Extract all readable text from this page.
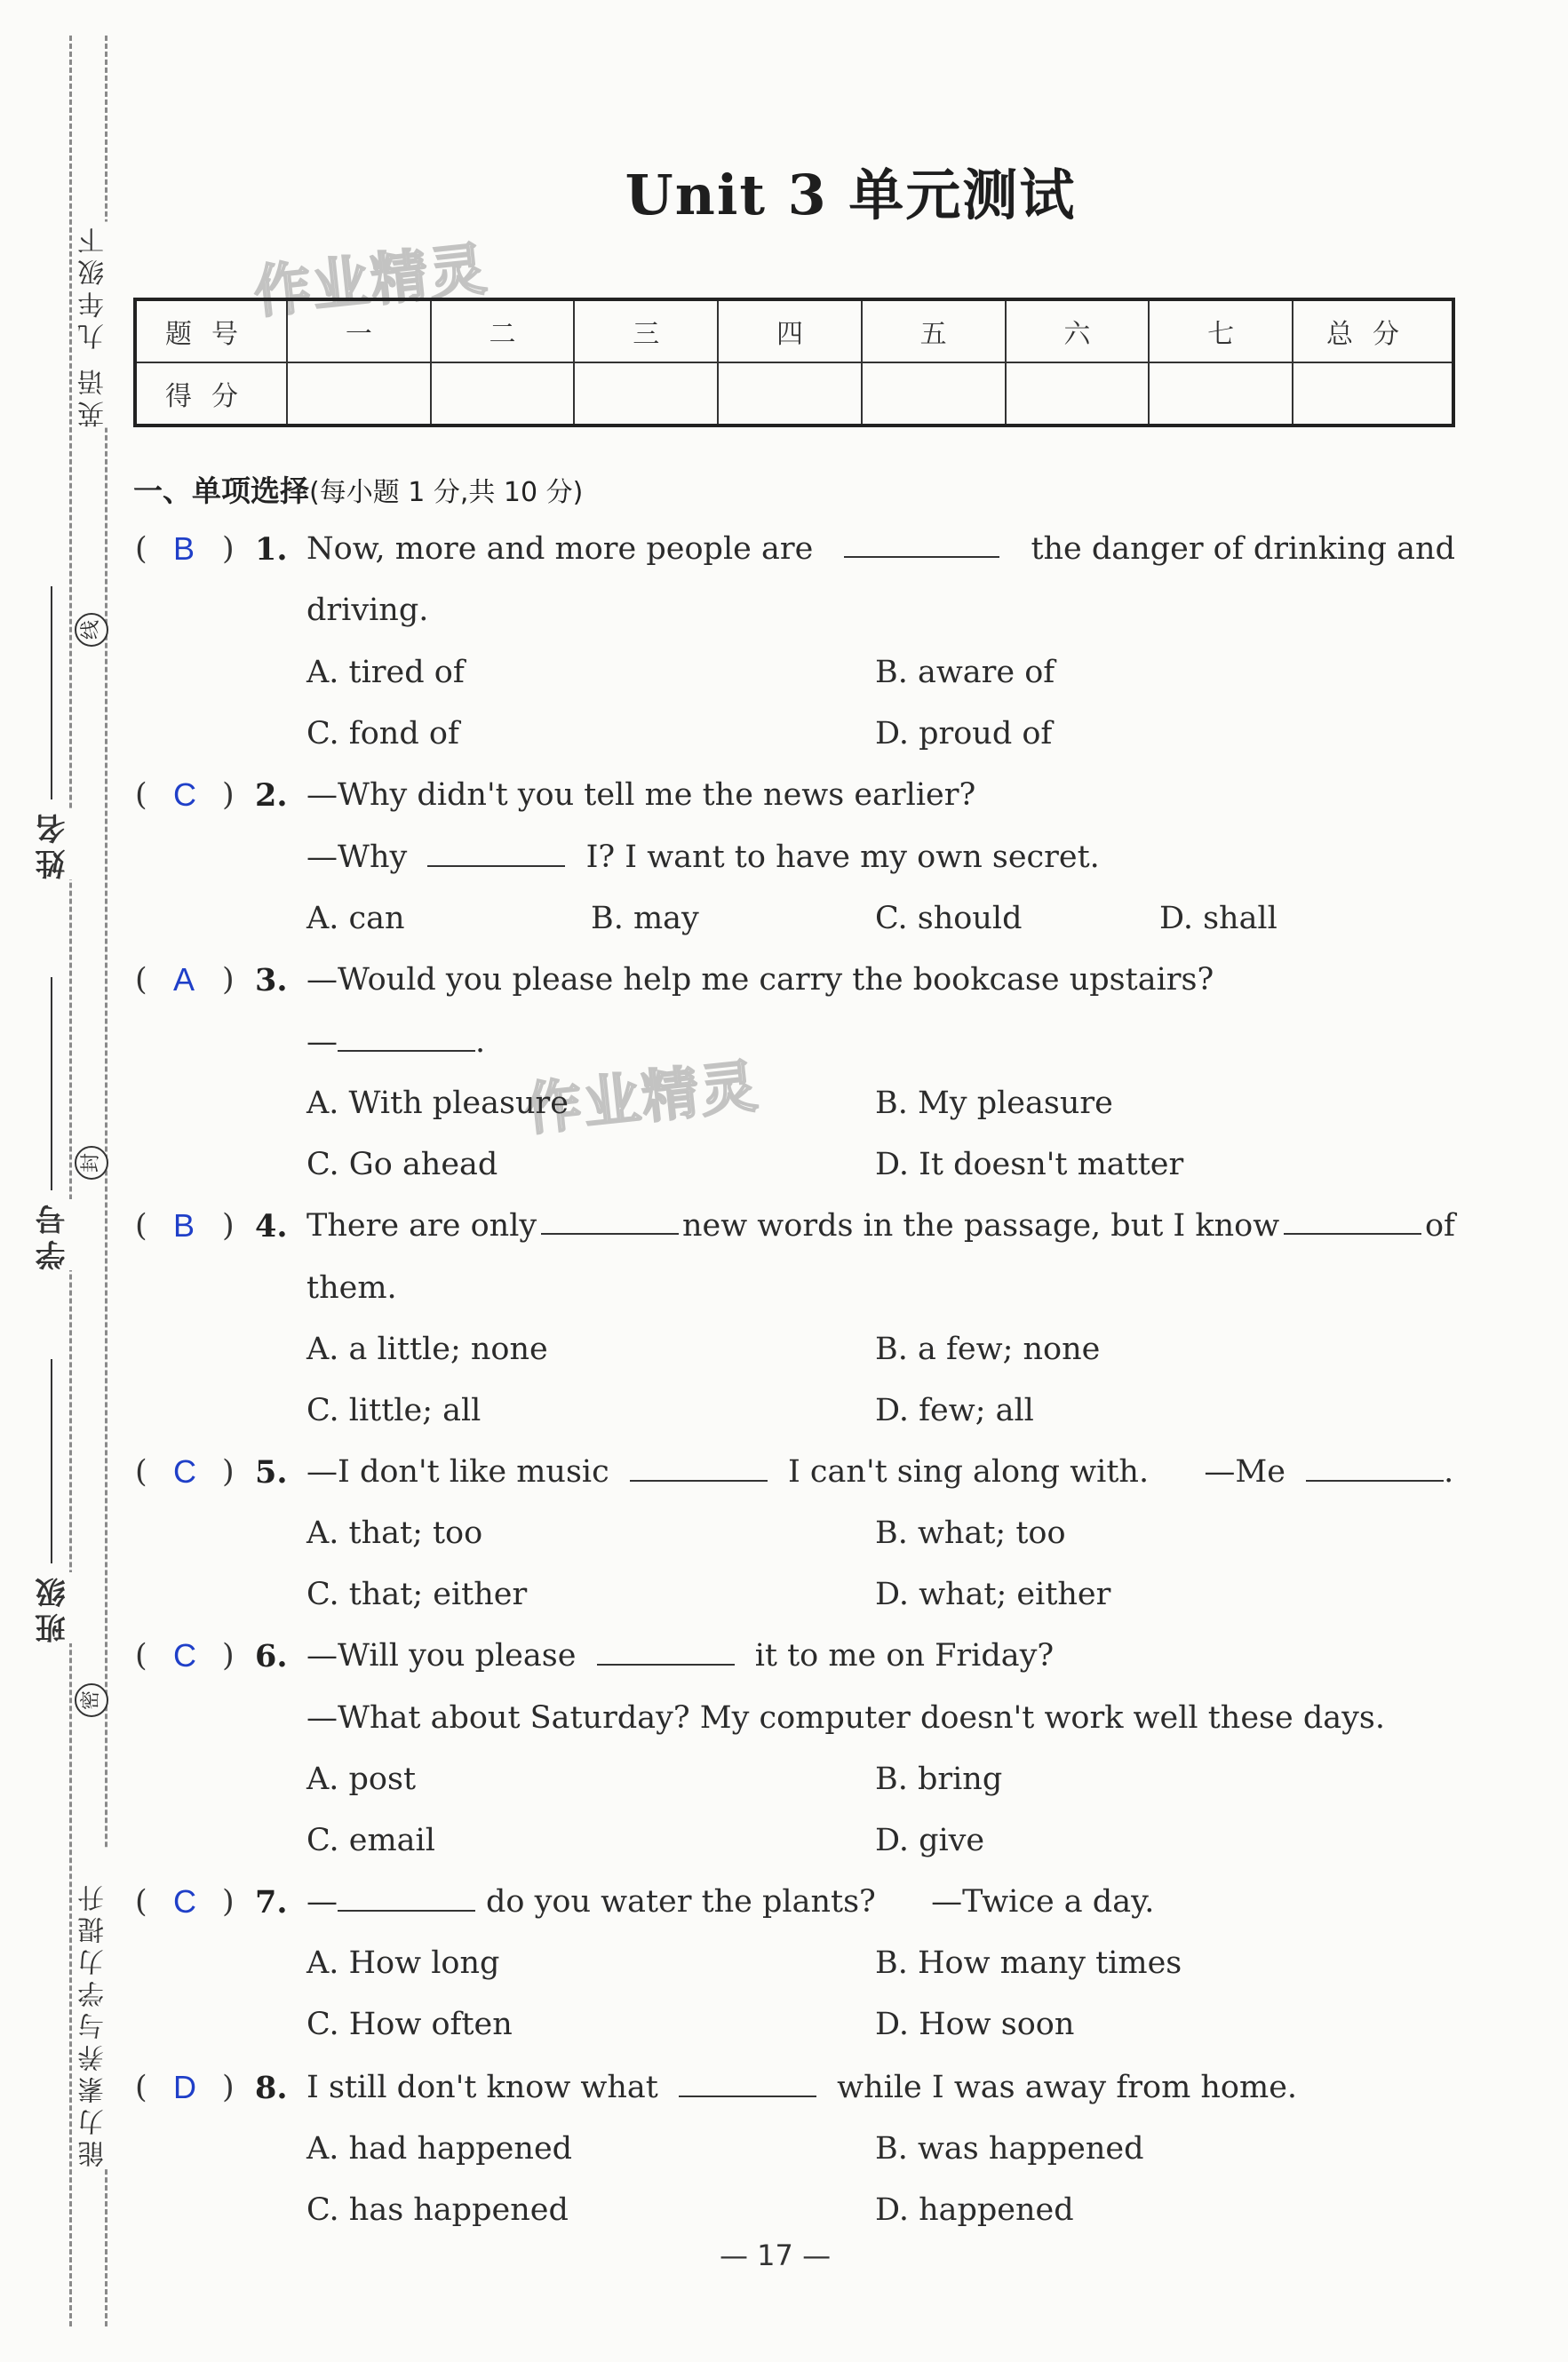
英语 九年级下
线
封
密
能力素养与学力提升
姓名
学号
班级
Unit 3 单元测试
作业精灵
作业精灵
题号	一	二	三	四	五	六	七	总分
得分								
一、单项选择(每小题 1 分,共 10 分)
( B ) 1. Now, more and more people are	the danger of drinking and
driving.
A. tired of	B. aware of
C. fond of	D. proud of
( C ) 2. —Why didn't you tell me the news earlier?
—Why	I? I want to have my own secret.
A. can	B. may	C. should	D. shall
( A ) 3. —Would you please help me carry the bookcase upstairs?
—	.
A. With pleasure	B. My pleasure
C. Go ahead	D. It doesn't matter
( B ) 4. There are only	new words in the passage, but I know	of
them.
A. a little; none	B. a few; none
C. little; all	D. few; all
( C ) 5. —I don't like music	I can't sing along with. —Me	.
A. that; too	B. what; too
C. that; either	D. what; either
( C ) 6. —Will you please	it to me on Friday?
—What about Saturday? My computer doesn't work well these days.
A. post	B. bring
C. email	D. give
( C ) 7. —	do you water the plants? —Twice a day.
A. How long	B. How many times
C. How often	D. How soon
( D ) 8. I still don't know what	while I was away from home.
A. had happened	B. was happened
C. has happened	D. happened
— 17 —
